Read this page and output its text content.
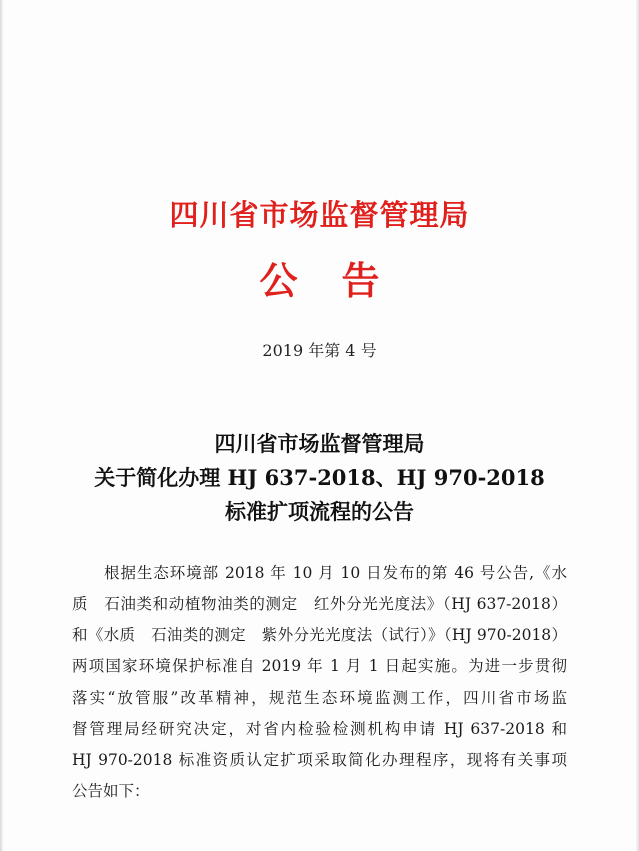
四川省市场监督管理局
公告
2019 年第 4 号
四川省市场监督管理局
关于简化办理 HJ 637-2018、HJ 970-2018
标准扩项流程的公告
根据生态环境部 2018 年 10 月 10 日发布的第 46 号公告,《水
质　石油类和动植物油类的测定　红外分光光度法》（HJ 637-2018）
和《水质　石油类的测定　紫外分光光度法（试行）》（HJ 970-2018）
两项国家环境保护标准自 2019 年 1 月 1 日起实施。为进一步贯彻
落实“放管服”改革精神，规范生态环境监测工作，四川省市场监
督管理局经研究决定，对省内检验检测机构申请 HJ 637-2018 和
HJ 970-2018 标准资质认定扩项采取简化办理程序，现将有关事项
公告如下：
